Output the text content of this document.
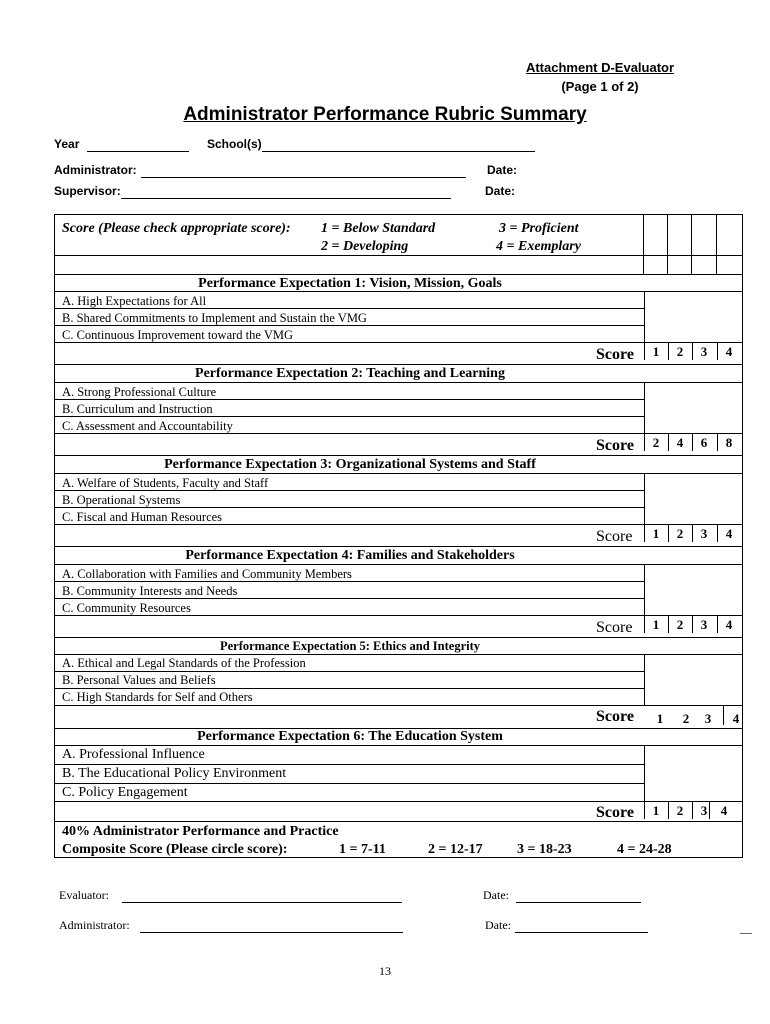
Attachment D-Evaluator
(Page 1 of 2)
Administrator Performance Rubric Summary
Year	School(s)
Administrator:	Date:
Supervisor:	Date:
Score (Please check appropriate score): 1 = Below Standard
2 = Developing
3 = Proficient
4 = Exemplary
Performance Expectation 1: Vision, Mission, Goals
A. High Expectations for All
B. Shared Commitments to Implement and Sustain the VMG
C. Continuous Improvement toward the VMG
Score	1	2	3	4
Performance Expectation 2: Teaching and Learning
A. Strong Professional Culture
B. Curriculum and Instruction
C. Assessment and Accountability
Score	2	4	6	8
Performance Expectation 3: Organizational Systems and Staff
A. Welfare of Students, Faculty and Staff
B. Operational Systems
C. Fiscal and Human Resources
Score	1	2	3	4
Performance Expectation 4: Families and Stakeholders
A. Collaboration with Families and Community Members
B. Community Interests and Needs
C. Community Resources
Score	1	2	3	4
Performance Expectation 5: Ethics and Integrity
A. Ethical and Legal Standards of the Profession
B. Personal Values and Beliefs
C. High Standards for Self and Others
Score	1	2	3	4
Performance Expectation 6: The Education System
A. Professional Influence
B. The Educational Policy Environment
C. Policy Engagement
Score	1	2	3	4
40% Administrator Performance and Practice
Composite Score (Please circle score):	1 = 7-11	2 = 12-17 3 = 18-23	4 = 24-28
Evaluator:	Date:
Administrator:	Date:	__
13
